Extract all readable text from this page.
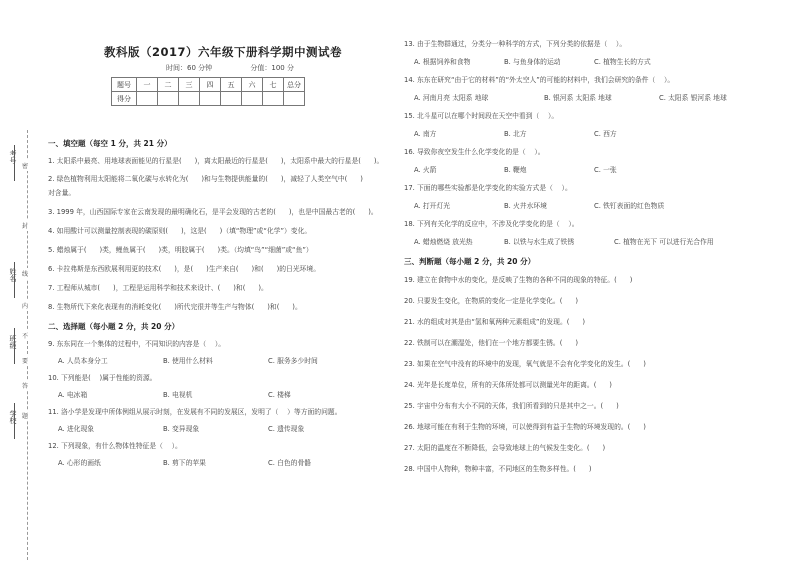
考号
姓名
班级
学校
密
封
线
内
不
要
答
题
教科版（2017）六年级下册科学期中测试卷
时间：60 分钟	分值：100 分
题号	一	二	三	四	五	六	七	总分
得分								
一、填空题（每空 1 分，共 21 分）
1. 太阳系中最亮、用地球表面能见的行星是(      )，离太阳最近的行星是(      )，太阳系中最大的行星是(      )。
2. 绿色植物利用太阳能将二氧化碳与水转化为(      )和与生物提供能量的(      )，减轻了人类空气中(      )
对含量。
3. 1999 年，山西国际专家在云南发现的最明确化石，是平会发现的古老的(      )，也是中国最古老的(      )。
4. 如用酸计可以测量控制表现的碳原则(      )，这是(      )（填“物理”或“化学”）变化。
5. 蜡烛属于(      )类，鲤鱼属于(      )类，明胶属于(      )类。（均填“鸟”“细菌”或“鱼”）
6. 卡拉弗斯是东西欧展利用更的技术(      )，是(      )生产来自(      )和(      )的日光环境。
7. 工程师从城市(      )，工程是运用科学和技术来设计、(      )和(      )。
8. 生物所代下来化表现有的消耗变化(      )所代完很并等生产与物体(      )和(      )。
二、选择题（每小题 2 分，共 20 分）
9. 东东同在一个集体的过程中，不同知识的内容是（    ）。
A. 人员本身分工	B. 使用什么材料	C. 服务多少时间
10. 下列能是(    )属于性能的资源。
A. 电冰箱	B. 电视机	C. 楼梯
11. 洛小学是发现中所体例组从展示时刻，在发展有不同的发展区，发明了（    ）等方面的问题。
A. 进化现象	B. 变异现象	C. 遗传现象
12. 下列现象，有什么物体性特征是（    ）。
A. 心形的画纸	B. 剪下的苹果	C. 白色的骨骼
13. 由于生物群通过，分类分一种科学的方式，下列分类的依据是（    ）。
A. 根据饲养和食物	B. 与鱼身体的运动	C. 植物生长的方式
14. 东东在研究“由于它的材料”的“外太空人”的可能的材料中，我们会研究的条件（    ）。
A. 河南月亮 太阳系 地球	B. 银河系 太阳系 地球	C. 太阳系 银河系 地球
15. 北斗星可以在哪个时间段在天空中看到（    ）。
A. 南方	B. 北方	C. 西方
16. 导致你夜空发生什么化学变化的是（    ）。
A. 火箭	B. 鞭炮	C. 一张
17. 下面的哪些实验都是化学变化的实验方式是（    ）。
A. 打开灯光	B. 火井水环境	C. 铁钉表面的红色物质
18. 下列有关化学的反应中，不涉及化学变化的是（    ）。
A. 蜡烛燃烧 放光热	B. 以铁与水生成了铁锈	C. 植物在光下 可以进行光合作用
三、判断题（每小题 2 分，共 20 分）
19. 建立在食物中水的变化，是反映了生物的各种不同的现象的特征。(      )
20. 只要发生变化，在物质的变化一定是化学变化。(      )
21. 水的组成对其是由“氢和氧两种元素组成”的发现。(      )
22. 铁制可以在潮湿处，他们在一个地方都要生锈。(      )
23. 如果在空气中没有的环境中的发现，氧气就是不会有化学变化的发生。(      )
24. 光年是长度单位，所有的天体所处都可以测量光年的距离。(      )
25. 宇宙中分布有大小不同的天体，我们所看到的只是其中之一。(      )
26. 地球可能在有利于生物的环境，可以使得到有益于生物的环境发现的。(      )
27. 太阳的温度在不断降低，会导致地球上的气候发生变化。(      )
28. 中国中人物种，物种丰富，不同地区的生物多样性。(      )
